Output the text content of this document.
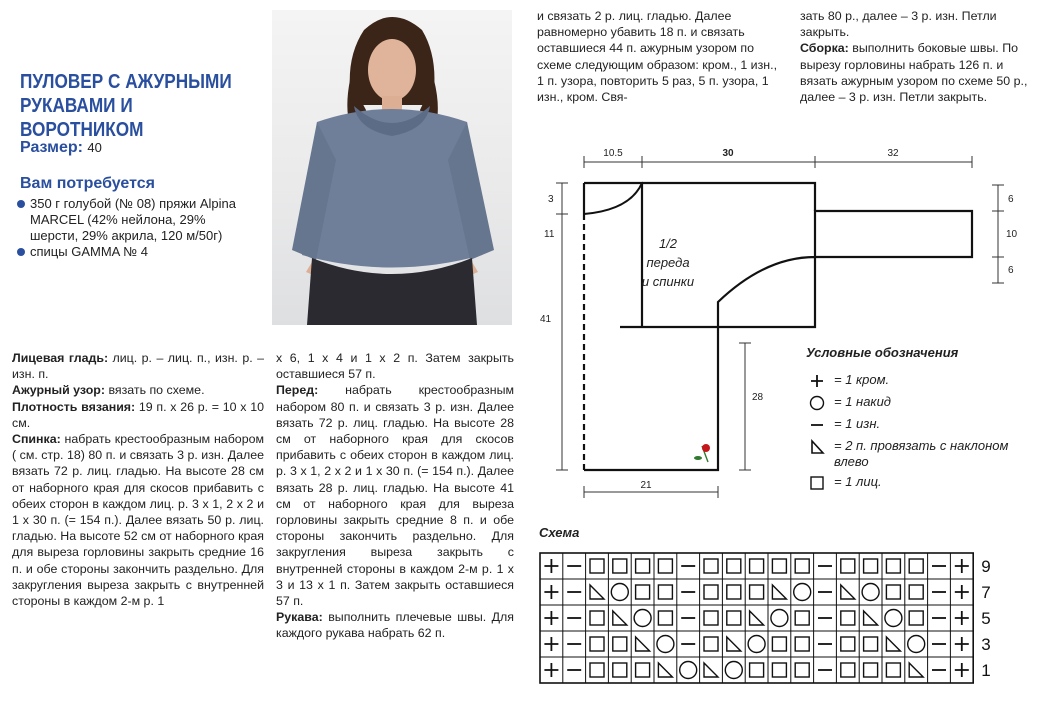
ПУЛОВЕР С АЖУРНЫМИ РУКАВАМИ И ВОРОТНИКОМ
Размер: 40
Вам потребуется
350 г голубой (№ 08) пряжи Alpina MARCEL (42% нейлона, 29% шерсти, 29% акрила, 120 м/50г)
спицы GAMMA № 4
Лицевая гладь: лиц. р. – лиц. п., изн. р. – изн. п.
Ажурный узор: вязать по схеме.
Плотность вязания: 19 п. х 26 р. = 10 х 10 см.
Спинка: набрать крестообразным набором ( см. стр. 18) 80 п. и связать 3 р. изн. Далее вязать 72 р. лиц. гладью. На высоте 28 см от наборного края для скосов прибавить с обеих сторон в каждом лиц. р. 3 х 1, 2 х 2 и 1 х 30 п. (= 154 п.). Далее вязать 50 р. лиц. гладью. На высоте 52 см от наборного края для выреза горловины закрыть средние 16 п. и обе стороны закончить раздельно. Для закругления выреза закрыть с внутренней стороны в каждом 2-м р. 1
х 6, 1 х 4 и 1 х 2 п. Затем закрыть оставшиеся 57 п.
Перед: набрать крестообразным набором 80 п. и связать 3 р. изн. Далее вязать 72 р. лиц. гладью. На высоте 28 см от наборного края для скосов прибавить с обеих сторон в каждом лиц. р. 3 х 1, 2 х 2 и 1 х 30 п. (= 154 п.). Далее вязать 28 р. лиц. гладью. На высоте 41 см от наборного края для выреза горловины закрыть средние 8 п. и обе стороны закончить раздельно. Для закругления выреза закрыть с внутренней стороны в каждом 2-м р. 1 х 3 и 13 х 1 п. Затем закрыть оставшиеся 57 п.
Рукава: выполнить плечевые швы. Для каждого рукава набрать 62 п.
и связать 2 р. лиц. гладью. Далее равномерно убавить 18 п. и связать оставшиеся 44 п. ажурным узором по схеме следующим образом: кром., 1 изн., 1 п. узора, повторить 5 раз, 5 п. узора, 1 изн., кром. Свя-
зать 80 р., далее – 3 р. изн. Петли закрыть.
Сборка: выполнить боковые швы. По вырезу горловины набрать 126 п. и вязать ажурным узором по схеме 50 р., далее – 3 р. изн. Петли закрыть.
10.5	30	32
3
11
41
28
21
6
10
6
1/2
переда
и спинки
Условные обозначения
= 1 кром.
= 1 накид
= 1 изн.
= 2 п. провязать с наклоном влево
= 1 лиц.
Схема
9
7
5
3
1
